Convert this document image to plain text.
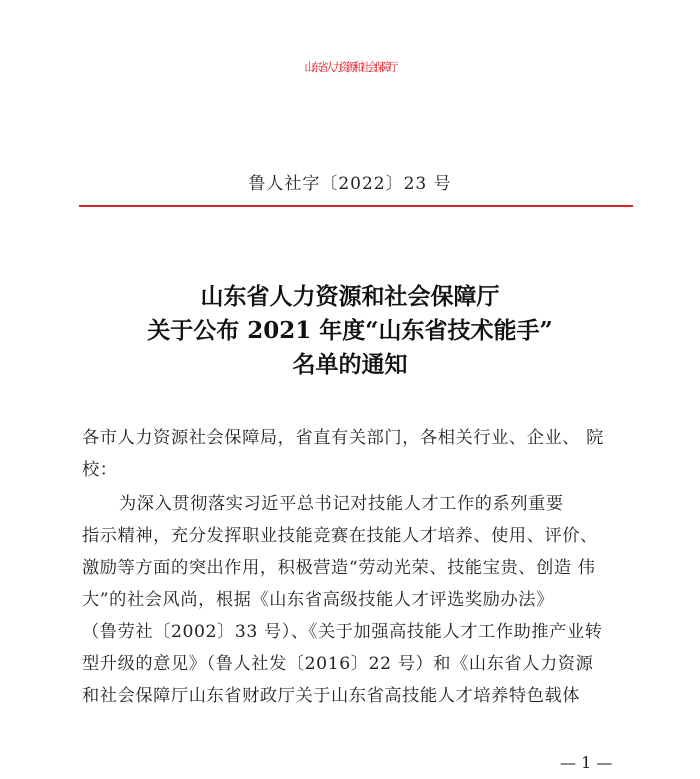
山东省人力资源和社会保障厅
鲁人社字〔2022〕23 号
山东省人力资源和社会保障厅
关于公布 2021 年度“山东省技术能手”
名单的通知

各市人力资源社会保障局，省直有关部门，各相关行业、企业、 院
校：

为深入贯彻落实习近平总书记对技能人才工作的系列重要
指示精神，充分发挥职业技能竞赛在技能人才培养、使用、评价、
激励等方面的突出作用，积极营造“劳动光荣、技能宝贵、创造 伟
大”的社会风尚，根据《山东省高级技能人才评选奖励办法》
（鲁劳社〔2002〕33 号）、《关于加强高技能人才工作助推产业转
型升级的意见》（鲁人社发〔2016〕22 号）和《山东省人力资源
和社会保障厅山东省财政厅关于山东省高技能人才培养特色载体

— 1 —
